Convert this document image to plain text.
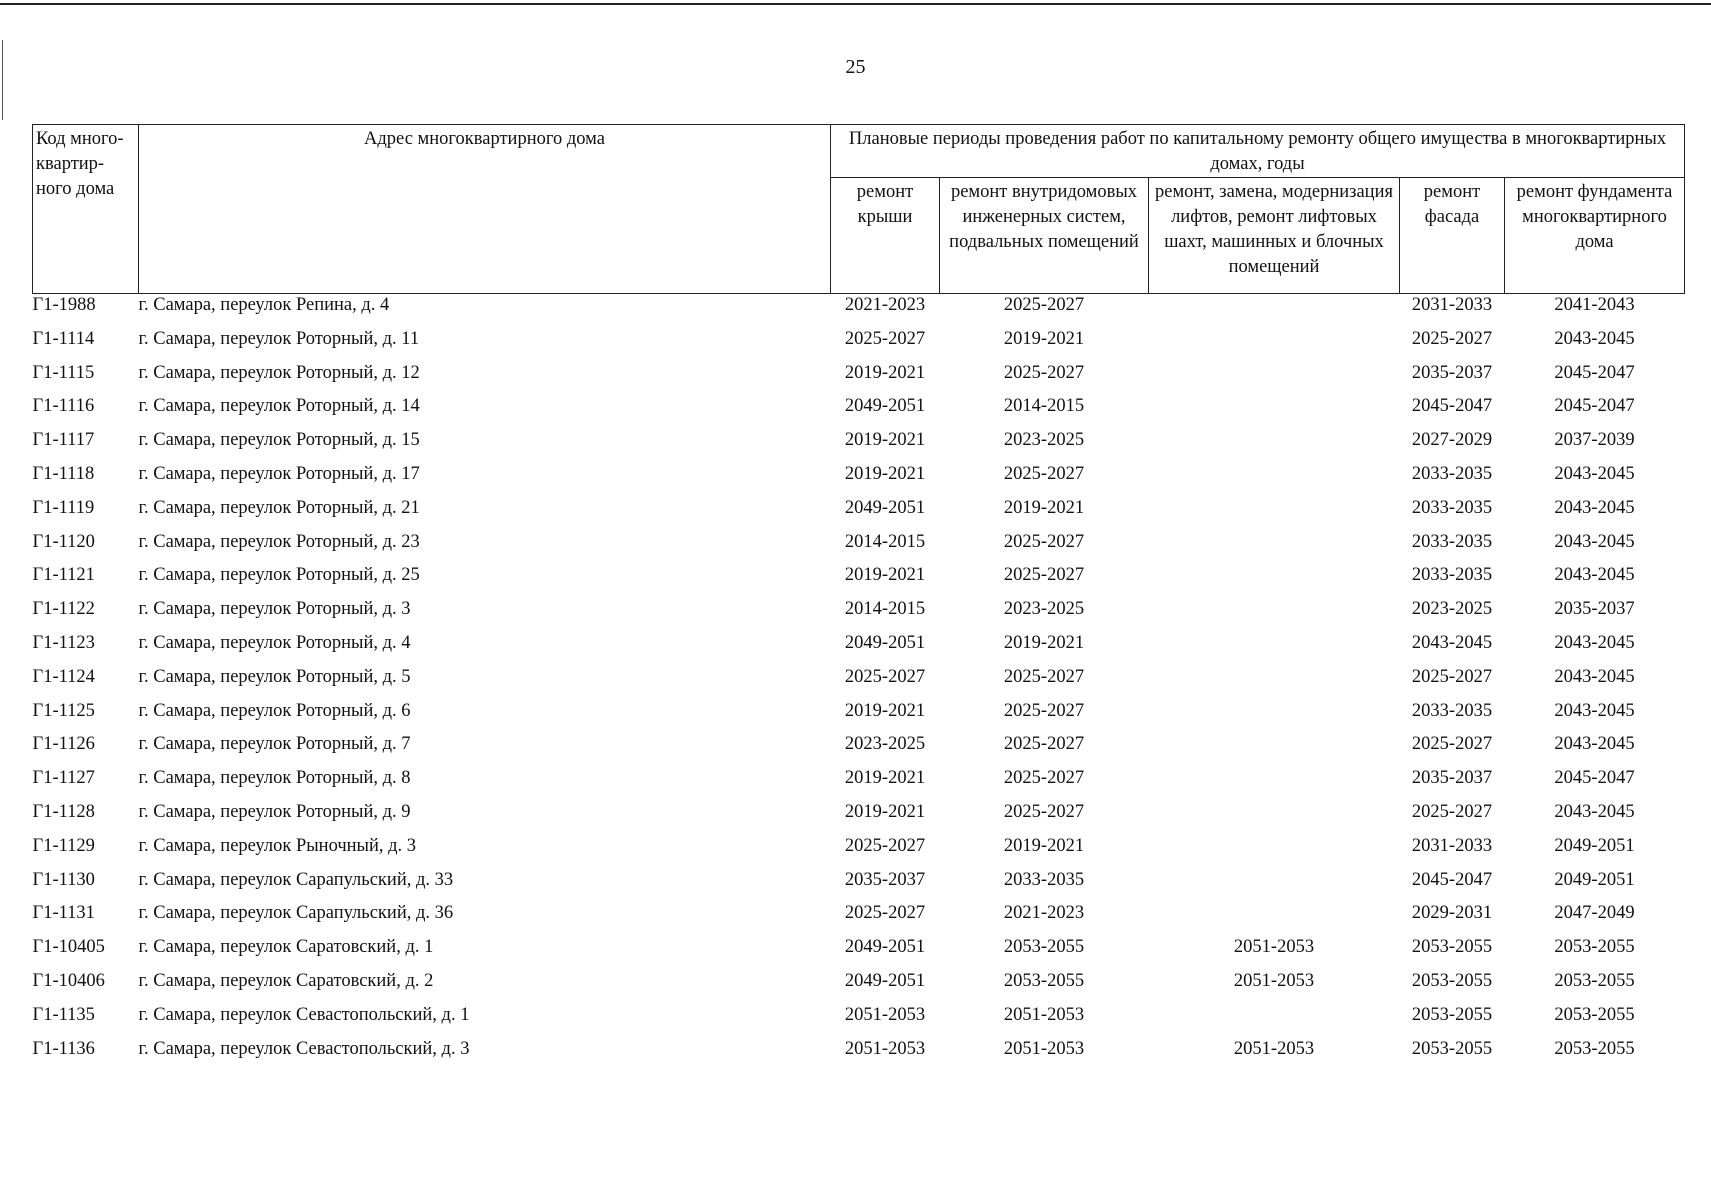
25
Код много-квартир-ного дома	Адрес многоквартирного дома	Плановые периоды проведения работ по капитальному ремонту общего имущества в многоквартирных домах, годы				
		ремонт крыши	ремонт внутридомовых инженерных систем, подвальных помещений	ремонт, замена, модернизация лифтов, ремонт лифтовых шахт, машинных и блочных помещений	ремонт фасада	ремонт фундамента многоквартирного дома
Г1-1988	г. Самара, переулок Репина, д. 4	2021-2023	2025-2027		2031-2033	2041-2043
Г1-1114	г. Самара, переулок Роторный, д. 11	2025-2027	2019-2021		2025-2027	2043-2045
Г1-1115	г. Самара, переулок Роторный, д. 12	2019-2021	2025-2027		2035-2037	2045-2047
Г1-1116	г. Самара, переулок Роторный, д. 14	2049-2051	2014-2015		2045-2047	2045-2047
Г1-1117	г. Самара, переулок Роторный, д. 15	2019-2021	2023-2025		2027-2029	2037-2039
Г1-1118	г. Самара, переулок Роторный, д. 17	2019-2021	2025-2027		2033-2035	2043-2045
Г1-1119	г. Самара, переулок Роторный, д. 21	2049-2051	2019-2021		2033-2035	2043-2045
Г1-1120	г. Самара, переулок Роторный, д. 23	2014-2015	2025-2027		2033-2035	2043-2045
Г1-1121	г. Самара, переулок Роторный, д. 25	2019-2021	2025-2027		2033-2035	2043-2045
Г1-1122	г. Самара, переулок Роторный, д. 3	2014-2015	2023-2025		2023-2025	2035-2037
Г1-1123	г. Самара, переулок Роторный, д. 4	2049-2051	2019-2021		2043-2045	2043-2045
Г1-1124	г. Самара, переулок Роторный, д. 5	2025-2027	2025-2027		2025-2027	2043-2045
Г1-1125	г. Самара, переулок Роторный, д. 6	2019-2021	2025-2027		2033-2035	2043-2045
Г1-1126	г. Самара, переулок Роторный, д. 7	2023-2025	2025-2027		2025-2027	2043-2045
Г1-1127	г. Самара, переулок Роторный, д. 8	2019-2021	2025-2027		2035-2037	2045-2047
Г1-1128	г. Самара, переулок Роторный, д. 9	2019-2021	2025-2027		2025-2027	2043-2045
Г1-1129	г. Самара, переулок Рыночный, д. 3	2025-2027	2019-2021		2031-2033	2049-2051
Г1-1130	г. Самара, переулок Сарапульский, д. 33	2035-2037	2033-2035		2045-2047	2049-2051
Г1-1131	г. Самара, переулок Сарапульский, д. 36	2025-2027	2021-2023		2029-2031	2047-2049
Г1-10405	г. Самара, переулок Саратовский, д. 1	2049-2051	2053-2055	2051-2053	2053-2055	2053-2055
Г1-10406	г. Самара, переулок Саратовский, д. 2	2049-2051	2053-2055	2051-2053	2053-2055	2053-2055
Г1-1135	г. Самара, переулок Севастопольский, д. 1	2051-2053	2051-2053		2053-2055	2053-2055
Г1-1136	г. Самара, переулок Севастопольский, д. 3	2051-2053	2051-2053	2051-2053	2053-2055	2053-2055
